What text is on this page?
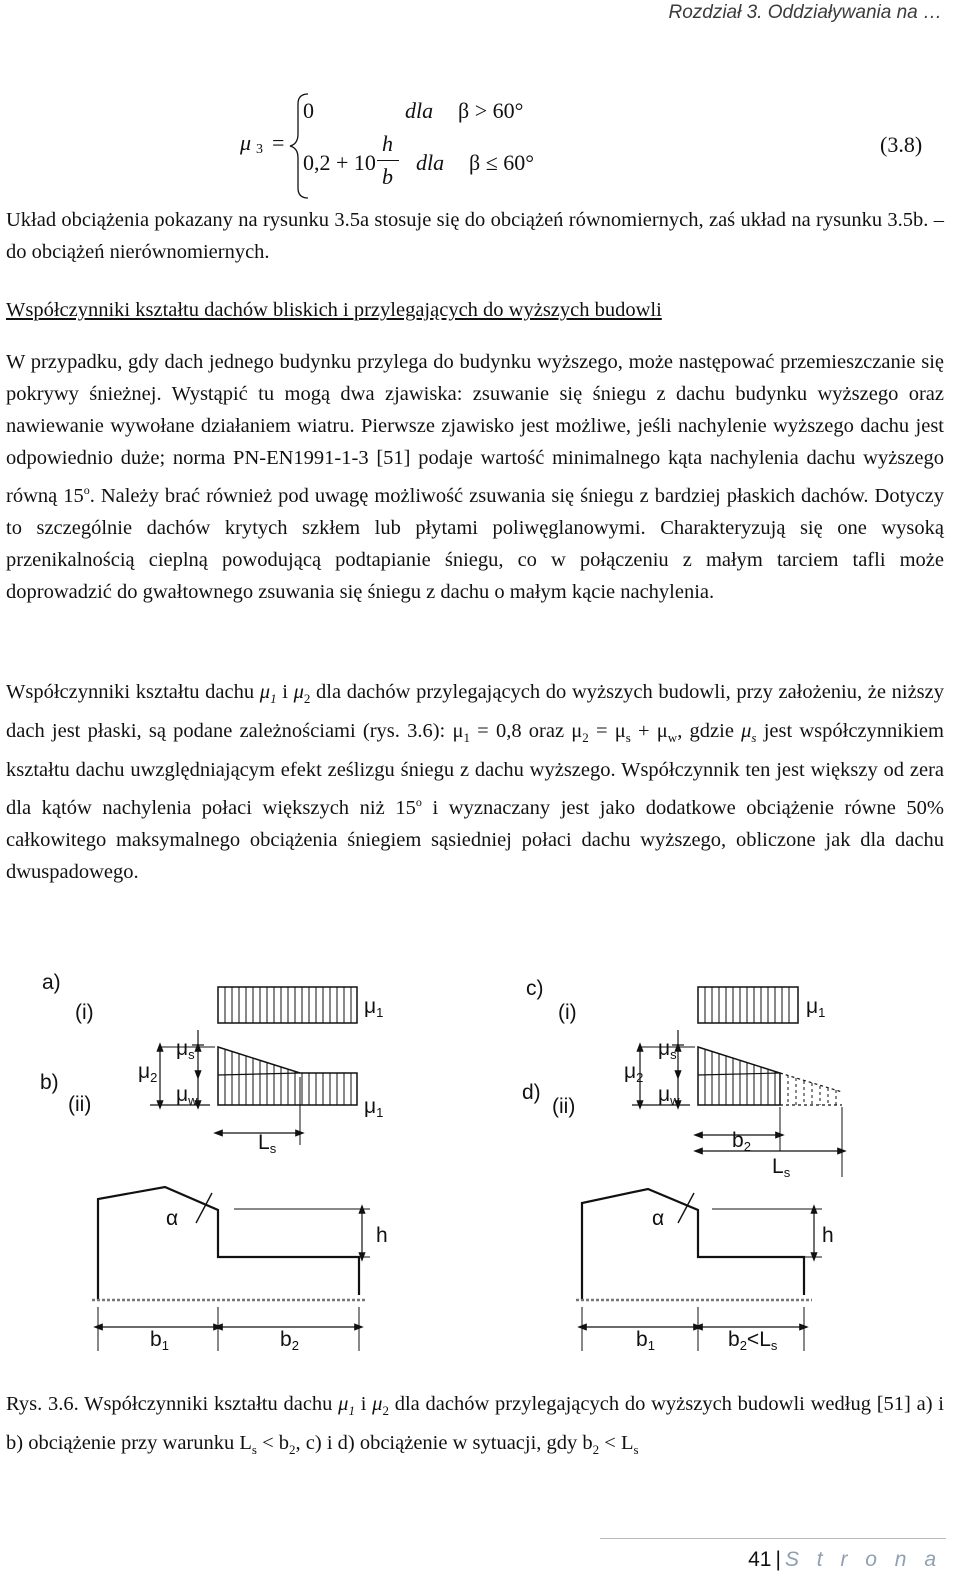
Rozdział 3. Oddziaływania na …
μ 3 =
0	dla β > 60°
0,2 + 10
h
b
dla β ≤ 60°
(3.8)
Układ obciążenia pokazany na rysunku 3.5a stosuje się do obciążeń równomiernych, zaś układ na rysunku 3.5b. – do obciążeń nierównomiernych.
Współczynniki kształtu dachów bliskich i przylegających do wyższych budowli
W przypadku, gdy dach jednego budynku przylega do budynku wyższego, może następować przemieszczanie się pokrywy śnieżnej. Wystąpić tu mogą dwa zjawiska: zsuwanie się śniegu z dachu budynku wyższego oraz nawiewanie wywołane działaniem wiatru. Pierwsze zjawisko jest możliwe, jeśli nachylenie wyższego dachu jest odpowiednio duże; norma PN-EN1991-1-3 [51] podaje wartość minimalnego kąta nachylenia dachu wyższego równą 15$^o$. Należy brać również pod uwagę możliwość zsuwania się śniegu z bardziej płaskich dachów. Dotyczy to szczególnie dachów krytych szkłem lub płytami poliwęglanowymi. Charakteryzują się one wysoką przenikalnością cieplną powodującą podtapianie śniegu, co w połączeniu z małym tarciem tafli może doprowadzić do gwałtownego zsuwania się śniegu z dachu o małym kącie nachylenia.
Współczynniki kształtu dachu $\mu_1$ i $\mu_2$ dla dachów przylegających do wyższych budowli, przy założeniu, że niższy dach jest płaski, są podane zależnościami (rys. 3.6): $\mu_1 = 0,8$ oraz $\mu_2 = \mu_s + \mu_w$, gdzie $\mu_s$ jest współczynnikiem kształtu dachu uwzględniającym efekt ześlizgu śniegu z dachu wyższego. Współczynnik ten jest większy od zera dla kątów nachylenia połaci większych niż 15$^o$ i wyznaczany jest jako dodatkowe obciążenie równe 50% całkowitego maksymalnego obciążenia śniegiem sąsiedniej połaci dachu wyższego, obliczone jak dla dachu dwuspadowego.
a)
(i)
b)
(ii)
μ1
μ2
μs
μw	μ1
Ls
α
h
b1	b2
c)
(i)
d)
(ii)
μ1
μ2
μs
μw
b2
Ls
α
h
b1	b2<Ls
Rys. 3.6. Współczynniki kształtu dachu $\mu_1$ i $\mu_2$ dla dachów przylegających do wyższych budowli według [51] a) i b) obciążenie przy warunku $L_s < b_2$, c) i d) obciążenie w sytuacji, gdy $b_2 < L_s$
41 | S t r o n a
